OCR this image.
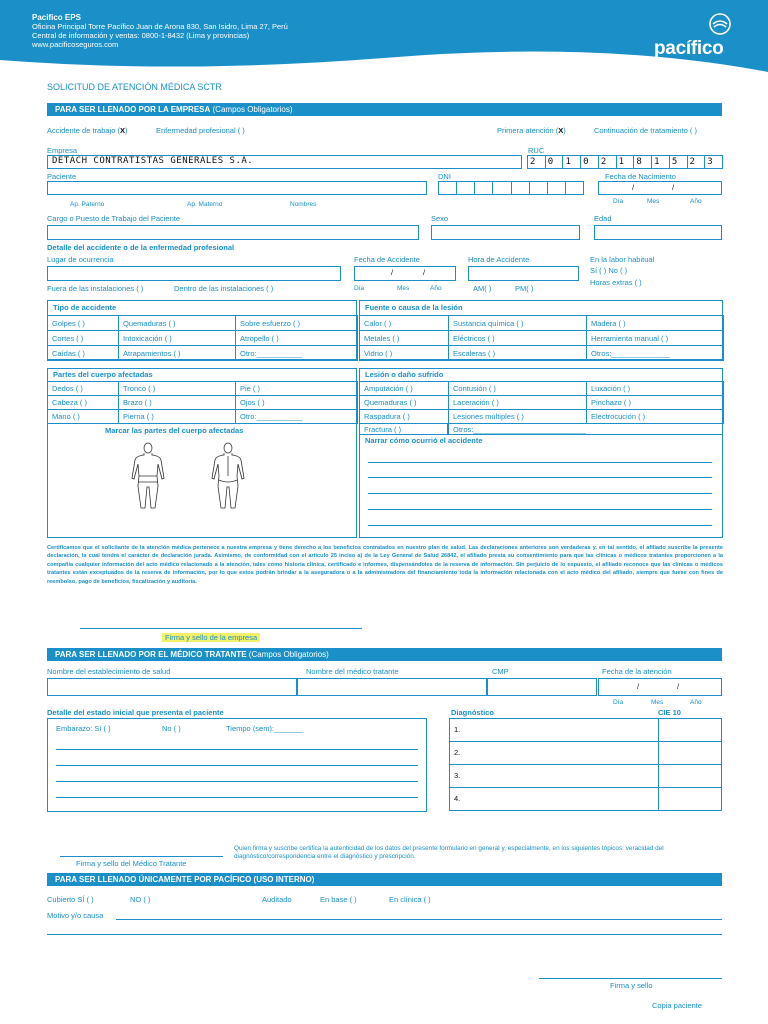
Pacifico EPS
Oficina Principal Torre Pacífico Juan de Arona 830, San Isidro, Lima 27, Perú
Central de información y ventas: 0800-1-8432 (Lima y provincias)
www.pacificoseguros.com	pacífico
SOLICITUD DE ATENCIÓN MÉDICA SCTR
PARA SER LLENADO POR LA EMPRESA (Campos Obligatorios)
Accidente de trabajo (X)	Enfermedad profesional ( )	Primera atención (X)	Continuación de tratamiento ( )
Empresa
DETACH CONTRATISTAS GENERALES S.A.
RUC
2	0	1	0	2	1	8	1	5	2	3
Paciente
Ap. Paterno	Ap. Materno	Nombres
DNI	Fecha de Nacimiento
/	/
Día	Mes	Año
Cargo o Puesto de Trabajo del Paciente	Sexo	Edad
Detalle del accidente o de la enfermedad profesional
Lugar de ocurrencia	Fecha de Accidente
/	/
Día	Mes	Año
Hora de Accidente
AM( )	PM( )
En la labor habitual
Sí ( ) No ( )
Horas extras ( )
Fuera de las instalaciones ( )	Dentro de las instalaciones ( )
Tipo de accidente
Golpes ( )	Quemaduras ( )	Sobre esfuerzo ( )
Cortes ( )	Intoxicación ( )	Atropello ( )
Caídas ( )	Atrapamientos ( )	Otro:___________
Fuente o causa de la lesión
Calor ( )	Sustancia química ( )	Madera ( )
Metales ( )	Eléctricos ( )	Herramienta manual ( )
Vidrio ( )	Escaleras ( )	Otros:______________
Partes del cuerpo afectadas
Dedos ( )	Tronco ( )	Pie ( )
Cabeza ( )	Brazo ( )	Ojos ( )
Mano ( )	Pierna ( )	Otro:___________
Marcar las partes del cuerpo afectadas
Lesión o daño sufrido
Amputación ( )	Contusión ( )	Luxación ( )
Quemaduras ( )	Laceración ( )	Pinchazo ( )
Raspadura ( )	Lesiones múltiples ( )	Electrocución ( )
Fractura ( )	Otros:___________________________
Narrar cómo ocurrió el accidente
Certificamos que el solicitante de la atención médica pertenece a nuestra empresa y tiene derecho a los beneficios contratados en nuestro plan de salud. Las declaraciones anteriores son verdaderas y, en tal sentido, el afiliado suscribe la presente declaración, la cual tendrá el carácter de declaración jurada. Asimismo, de conformidad con el artículo 25 inciso a) de la Ley General de Salud 26842, el afiliado presta su consentimiento para que las clínicas o médicos tratantes proporcionen a la compañía cualquier información del acto médico relacionado a la atención, tales como historia clínica, certificado e informes, dispensándoles de la reserva de información. Sin perjuicio de lo expuesto, el afiliado reconoce que las clínicas o médicos tratantes están exceptuados de la reserva de información, por lo que estos podrán brindar a la aseguradora o a la administradora del financiamiento toda la información relacionada con el acto médico del afiliado, siempre que fuese con fines de reembolso, pago de beneficios, fiscalización y auditoría.
Firma y sello de la empresa
PARA SER LLENADO POR EL MÉDICO TRATANTE (Campos Obligatorios)
Nombre del establecimiento de salud	Nombre del médico tratante	CMP	Fecha de la atención
/	/
Día	Mes	Año
Detalle del estado inicial que presenta el paciente
Embarazo: Sí ( )	No ( )	Tiempo (sem):_______
Diagnóstico	CIE 10
1.
2.
3.
4.
Firma y sello del Médico Tratante
Quien firma y suscribe certifica la autenticidad de los datos del presente formulario en general y, especialmente, en los siguientes tópicos: veracidad del diagnóstico/correspondencia entre el diagnóstico y prescripción.
PARA SER LLENADO ÚNICAMENTE POR PACÍFICO (USO INTERNO)
Cubierto SÍ ( )	NO ( )	Auditado	En base ( )	En clínica ( )
Motivo y/o causa
Firma y sello
Copia paciente
